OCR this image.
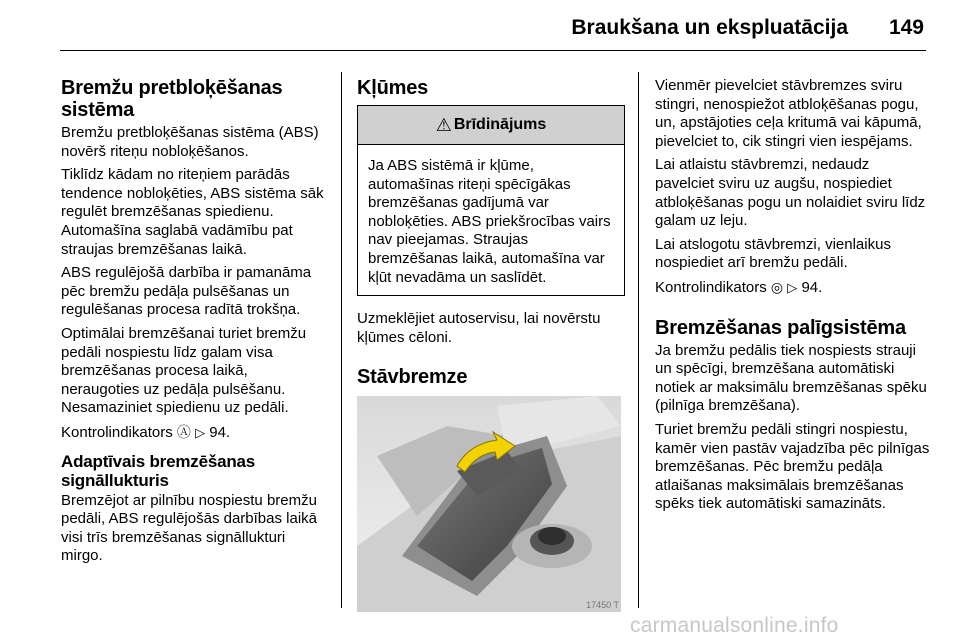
Braukšana un ekspluatācija	149
Bremžu pretbloķēšanas sistēma

Bremžu pretbloķēšanas sistēma (ABS) novērš riteņu nobloķēšanos.

Tiklīdz kādam no riteņiem parādās tendence nobloķēties, ABS sistēma sāk regulēt bremzēšanas spiedienu. Automašīna saglabā vadāmību pat straujas bremzēšanas laikā.

ABS regulējošā darbība ir pamanāma pēc bremžu pedāļa pulsēšanas un regulēšanas procesa radītā trokšņa.

Optimālai bremzēšanai turiet bremžu pedāli nospiestu līdz galam visa bremzēšanas procesa laikā, neraugoties uz pedāļa pulsēšanu. Nesamaziniet spiedienu uz pedāli.

Kontrolindikators Ⓐ ▷ 94.

Adaptīvais bremzēšanas signāllukturis

Bremzējot ar pilnību nospiestu bremžu pedāli, ABS regulējošās darbības laikā visi trīs bremzēšanas signāllukturi mirgo.

Kļūmes
⚠ Brīdinājums

Ja ABS sistēmā ir kļūme, automašīnas riteņi spēcīgākas bremzēšanas gadījumā var nobloķēties. ABS priekšrocības vairs nav pieejamas. Straujas bremzēšanas laikā, automašīna var kļūt nevadāma un saslīdēt.

Uzmeklējiet autoservisu, lai novērstu kļūmes cēloni.

Stāvbremze
17450 T

Vienmēr pievelciet stāvbremzes sviru stingri, nenospiežot atbloķēšanas pogu, un, apstājoties ceļa kritumā vai kāpumā, pievelciet to, cik stingri vien iespējams.

Lai atlaistu stāvbremzi, nedaudz pavelciet sviru uz augšu, nospiediet atbloķēšanas pogu un nolaidiet sviru līdz galam uz leju.

Lai atslogotu stāvbremzi, vienlaikus nospiediet arī bremžu pedāli.

Kontrolindikators ◎ ▷ 94.

Bremzēšanas palīgsistēma

Ja bremžu pedālis tiek nospiests strauji un spēcīgi, bremzēšana automātiski notiek ar maksimālu bremzēšanas spēku (pilnīga bremzēšana).

Turiet bremžu pedāli stingri nospiestu, kamēr vien pastāv vajadzība pēc pilnīgas bremzēšanas. Pēc bremžu pedāļa atlaišanas maksimālais bremzēšanas spēks tiek automātiski samazināts.

carmanualsonline.info
